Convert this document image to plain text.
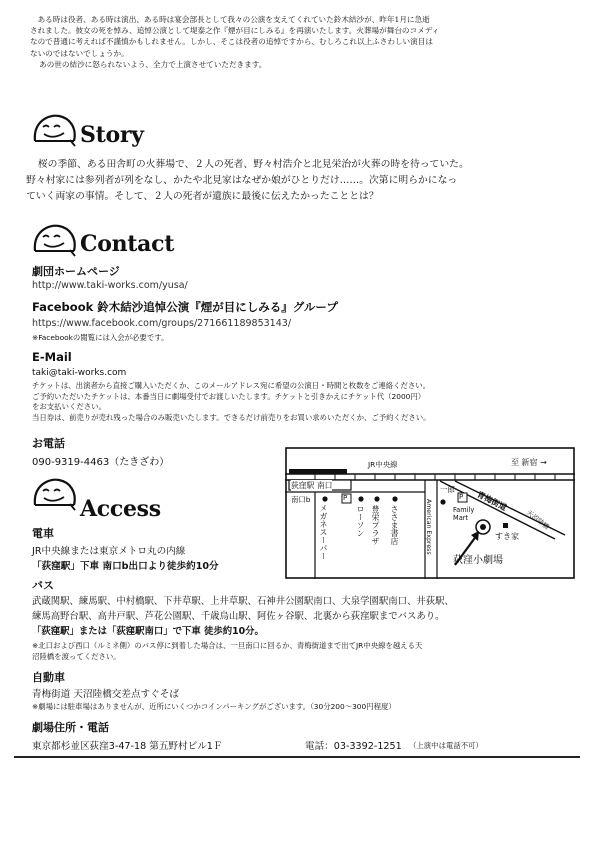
　ある時は役者、ある時は演出、ある時は宴会部長として我々の公演を支えてくれていた鈴木結沙が、昨年1月に急逝

されました。彼女の死を悼み、追悼公演として堤泰之作『煙が目にしみる』を再演いたします。火葬場が舞台のコメディ

なので普通に考えれば不謹慎かもしれません。しかし、そこは役者の追悼ですから、むしろこれ以上ふさわしい演目は

ないのではないでしょうか。

あの世の結沙に怒られないよう、全力で上演させていただきます。

Story
桜の季節、ある田舎町の火葬場で、２人の死者、野々村浩介と北見栄治が火葬の時を待っていた。
野々村家には参列者が列をなし、かたや北見家はなぜか娘がひとりだけ……。次第に明らかになっ
ていく両家の事情。そして、２人の死者が遺族に最後に伝えたかったこととは？
Contact
劇団ホームページ
http://www.taki-works.com/yusa/
Facebook 鈴木結沙追悼公演『煙が目にしみる』グループ
https://www.facebook.com/groups/271661189853143/
※Facebookの閲覧には入会が必要です。
E-Mail
taki@taki-works.com
チケットは、出演者から直接ご購入いただくか、このメールアドレス宛に希望の公演日・時間と枚数をご連絡ください。
ご予約いただいたチケットは、本番当日に劇場受付でお渡しいたします。チケットと引きかえにチケット代（2000円）
をお支払いください。
当日券は、前売りが売れ残った場合のみ販売いたします。できるだけ前売りをお買い求めいただくか、ご予約ください。
お電話
090-9319-4463（たきざわ）
Access
電車
JR中央線または東京メトロ丸の内線
「荻窪駅」下車 南口b出口より徒歩約10分
バス
武蔵関駅、練馬駅、中村橋駅、下井草駅、上井草駅、石神井公園駅南口、大泉学園駅南口、井荻駅、
練馬高野台駅、高井戸駅、芦花公園駅、千歳烏山駅、阿佐ヶ谷駅、北裏から荻窪駅までバスあり。
「荻窪駅」または「荻窪駅南口」で下車 徒歩約10分。
※北口および西口（ルミネ側）のバス停に到着した場合は、一旦南口に回るか、青梅街道まで出てJR中央線を越える天
沼陸橋を渡ってください。
自動車
青梅街道 天沼陸橋交差点すぐそば
※劇場には駐車場はありませんが、近所にいくつかコインパーキングがございます。（30分200〜300円程度）
劇場住所・電話
東京都杉並区荻窪3-47-18 第五野村ビル1Ｆ	電話：03-3392-1251 （上演中は電話不可）
JR中央線	至 新宿 →
荻窪駅 南口
南口b	P	P
メガネスーパー	ローソン 豊栄プラザ ささま書店	American Express
一郎
Family Mart
青梅街道
天沼陸橋
すき家
荻窪小劇場
